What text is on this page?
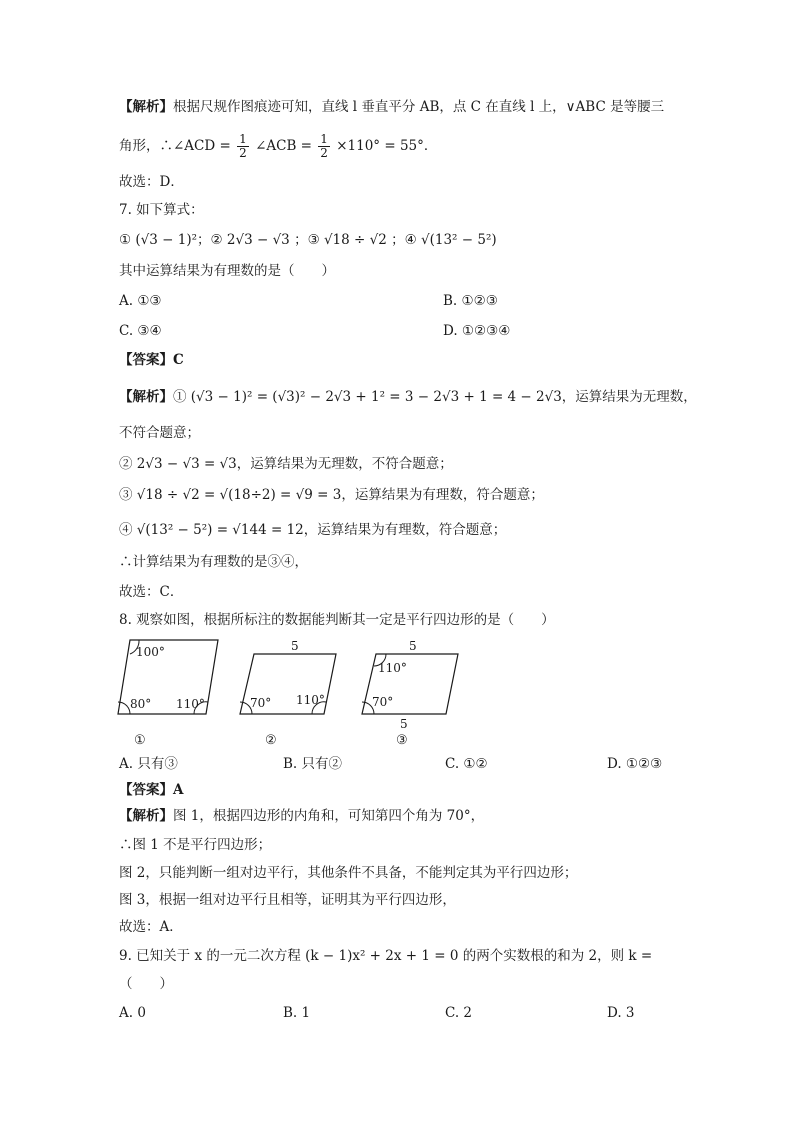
【解析】根据尺规作图痕迹可知，直线 l 垂直平分 AB，点 C 在直线 l 上，∨ABC 是等腰三
角形，∴∠ACD = $\frac{1}{2}$ ∠ACB = $\frac{1}{2} \times 110^\circ = 55^\circ$．
故选：D．
7. 如下算式：
① (√3 − 1)²；② 2√3 − √3 ；③ √18 ÷ √2 ；④ √(13² − 5²)
其中运算结果为有理数的是（　　）
A. ①③	B. ①②③
C. ③④	D. ①②③④
【答案】C
【解析】① (√3 − 1)² = (√3)² − 2√3 + 1² = 3 − 2√3 + 1 = 4 − 2√3，运算结果为无理数，
不符合题意；
② 2√3 − √3 = √3，运算结果为无理数，不符合题意；
③ √18 ÷ √2 = √(18÷2) = √9 = 3，运算结果为有理数，符合题意；
④ √(13² − 5²) = √144 = 12，运算结果为有理数，符合题意；
∴计算结果为有理数的是③④，
故选：C．
8. 观察如图，根据所标注的数据能判断其一定是平行四边形的是（　　）
100°
80° 110°
①
5
70° 110°
②
5
110°
70°
5
③
A. 只有③	B. 只有②	C. ①②	D. ①②③
【答案】A
【解析】图 1，根据四边形的内角和，可知第四个角为 70°，
∴图 1 不是平行四边形；
图 2，只能判断一组对边平行，其他条件不具备，不能判定其为平行四边形；
图 3，根据一组对边平行且相等，证明其为平行四边形，
故选：A．
9. 已知关于 x 的一元二次方程 (k − 1)x² + 2x + 1 = 0 的两个实数根的和为 2，则 k =
（　　）
A. 0	B. 1	C. 2	D. 3
